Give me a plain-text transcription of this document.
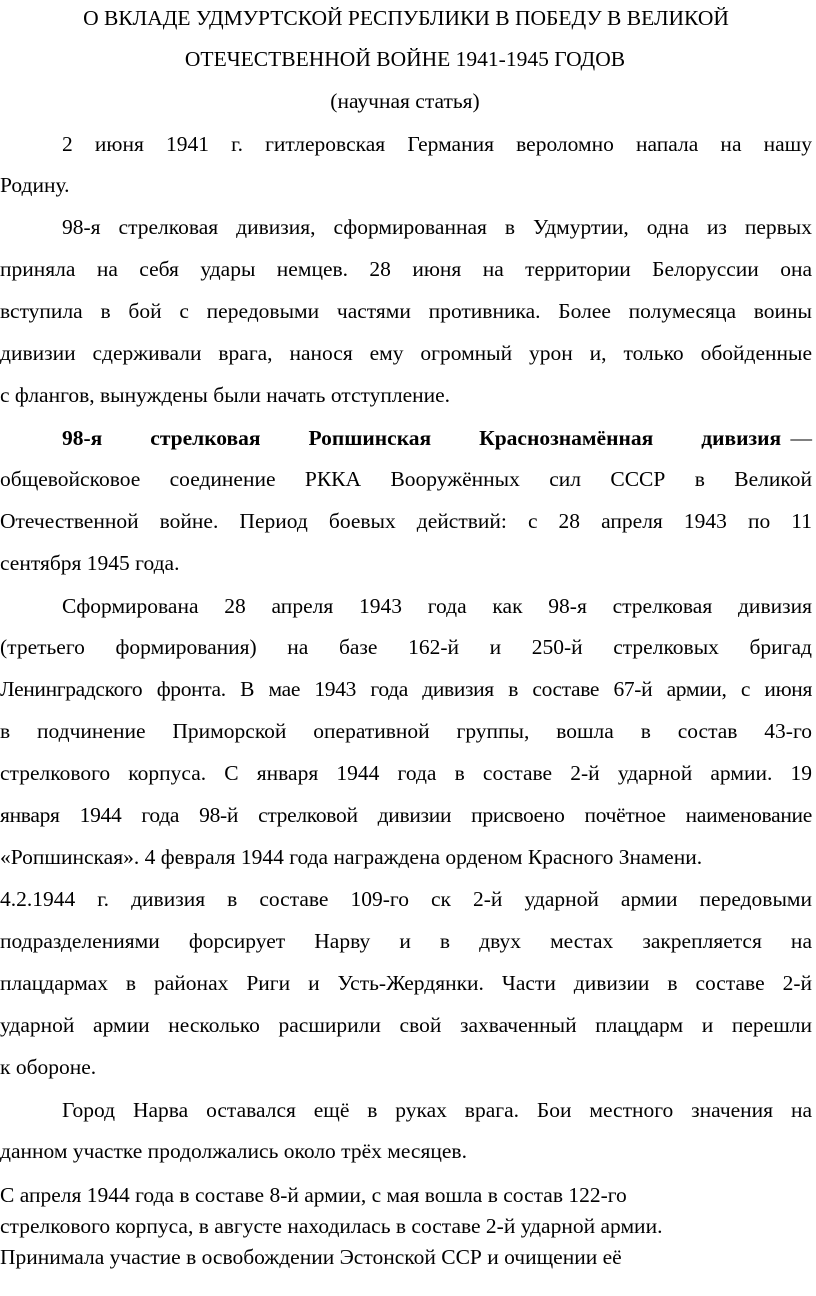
О ВКЛАДЕ УДМУРТСКОЙ РЕСПУБЛИКИ В ПОБЕДУ В ВЕЛИКОЙ
ОТЕЧЕСТВЕННОЙ ВОЙНЕ 1941-1945 ГОДОВ
(научная статья)
2 июня 1941 г. гитлеровская Германия вероломно напала на нашу
Родину.
98-я стрелковая дивизия, сформированная в Удмуртии, одна из первых
приняла на себя удары немцев. 28 июня на территории Белоруссии она
вступила в бой с передовыми частями противника. Более полумесяца воины
дивизии сдерживали врага, нанося ему огромный урон и, только обойденные
с флангов, вынуждены были начать отступление.
98-я стрелковая Ропшинская Краснознамённая дивизия —
общевойсковое соединение РККА Вооружённых сил СССР в Великой
Отечественной войне. Период боевых действий: с 28 апреля 1943 по 11
сентября 1945 года.
Сформирована 28 апреля 1943 года как 98-я стрелковая дивизия
(третьего формирования) на базе 162-й и 250-й стрелковых бригад
Ленинградского фронта. В мае 1943 года дивизия в составе 67-й армии, с июня
в подчинение Приморской оперативной группы, вошла в состав 43-го
стрелкового корпуса. С января 1944 года в составе 2-й ударной армии. 19
января 1944 года 98-й стрелковой дивизии присвоено почётное наименование
«Ропшинская». 4 февраля 1944 года награждена орденом Красного Знамени.
4.2.1944 г. дивизия в составе 109-го ск 2-й ударной армии передовыми
подразделениями форсирует Нарву и в двух местах закрепляется на
плацдармах в районах Риги и Усть-Жердянки. Части дивизии в составе 2-й
ударной армии несколько расширили свой захваченный плацдарм и перешли
к обороне.
Город Нарва оставался ещё в руках врага. Бои местного значения на
данном участке продолжались около трёх месяцев.
С апреля 1944 года в составе 8-й армии, с мая вошла в состав 122-го
стрелкового корпуса, в августе находилась в составе 2-й ударной армии.
Принимала участие в освобождении Эстонской ССР и очищении её
